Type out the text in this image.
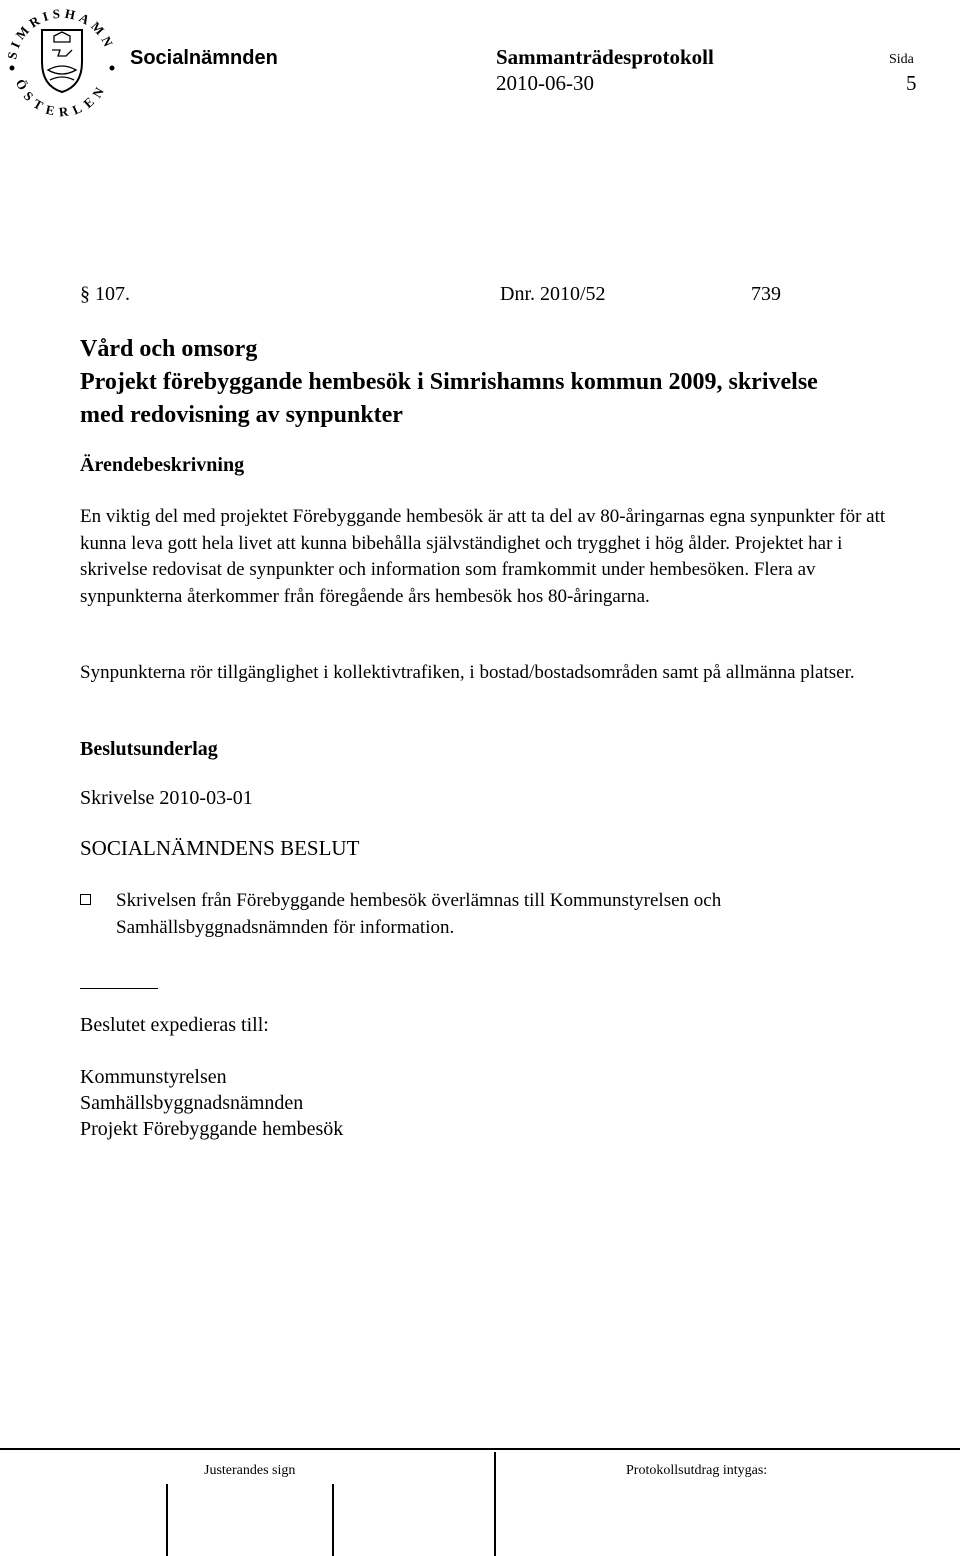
SIMRISHAMN
ÖSTERLEN
Socialnämnden	Sammanträdesprotokoll	Sida
2010-06-30	5
§ 107.	Dnr. 2010/52	739
Vård och omsorg
Projekt förebyggande hembesök i Simrishamns kommun 2009, skrivelse
med redovisning av synpunkter
Ärendebeskrivning
En viktig del med projektet Förebyggande hembesök är att ta del av 80-åringarnas egna synpunkter för att kunna leva gott hela livet att kunna bibehålla självständighet och trygghet i hög ålder. Projektet har i skrivelse redovisat de synpunkter och information som framkommit under hembesöken. Flera av synpunkterna återkommer från föregående års hembesök hos 80-åringarna.
Synpunkterna rör tillgänglighet i kollektivtrafiken, i bostad/bostadsområden samt på allmänna platser.
Beslutsunderlag
Skrivelse 2010-03-01
SOCIALNÄMNDENS BESLUT
Skrivelsen från Förebyggande hembesök överlämnas till Kommunstyrelsen och Samhällsbyggnadsnämnden för information.
Beslutet expedieras till:
Kommunstyrelsen
Samhällsbyggnadsnämnden
Projekt Förebyggande hembesök
Justerandes sign	Protokollsutdrag intygas:
